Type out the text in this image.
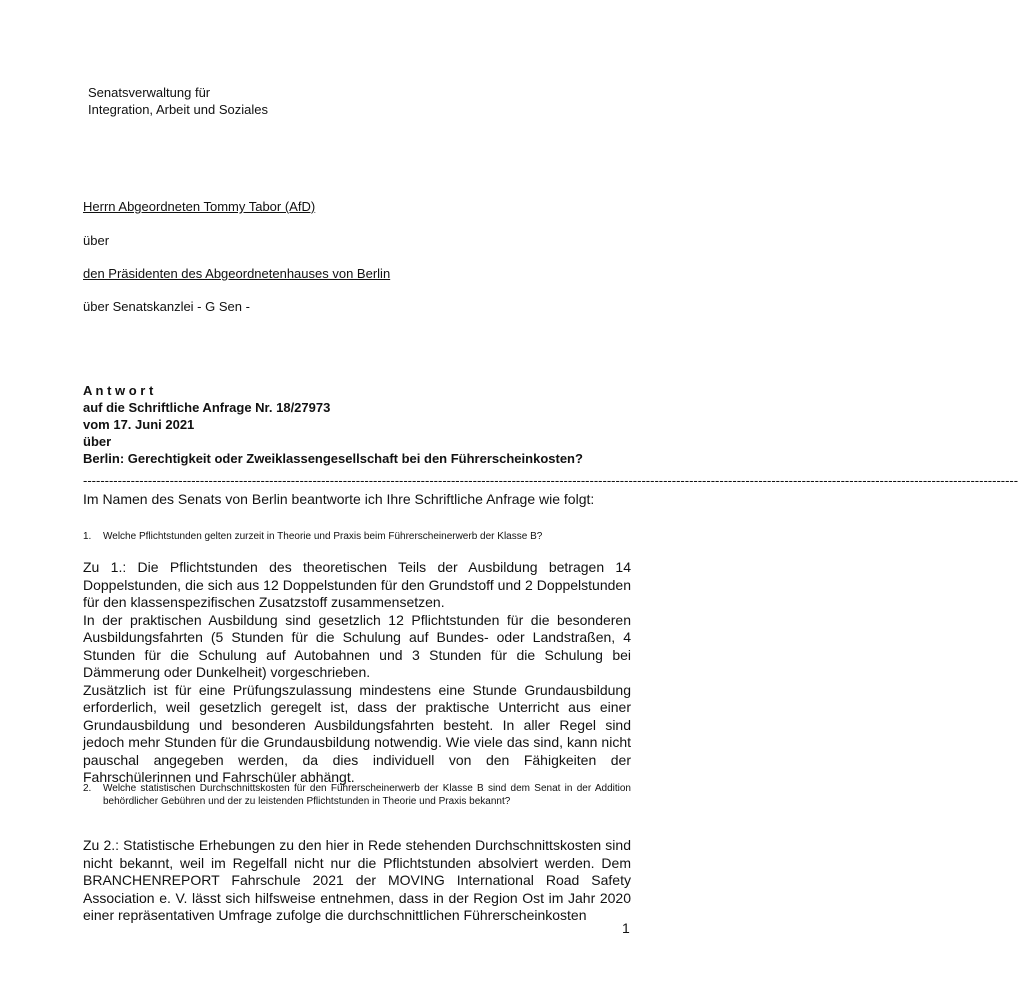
Senatsverwaltung für
Integration, Arbeit und Soziales
Herrn Abgeordneten Tommy Tabor (AfD)
über
den Präsidenten des Abgeordnetenhauses von Berlin
über Senatskanzlei - G Sen -
A n t w o r t
auf die Schriftliche Anfrage Nr. 18/27973
vom 17. Juni 2021
über
Berlin: Gerechtigkeit oder Zweiklassengesellschaft bei den Führerscheinkosten?
------------------------------------------------------------------------------------------------------------------------------------------------------------------------------------------------------------------------
Im Namen des Senats von Berlin beantworte ich Ihre Schriftliche Anfrage wie folgt:
1. Welche Pflichtstunden gelten zurzeit in Theorie und Praxis beim Führerscheinerwerb der Klasse B?

Zu 1.: Die Pflichtstunden des theoretischen Teils der Ausbildung betragen 14 Doppelstunden, die sich aus 12 Doppelstunden für den Grundstoff und 2 Doppelstunden für den klassenspezifischen Zusatzstoff zusammensetzen.

In der praktischen Ausbildung sind gesetzlich 12 Pflichtstunden für die besonderen Ausbildungsfahrten (5 Stunden für die Schulung auf Bundes- oder Landstraßen, 4 Stunden für die Schulung auf Autobahnen und 3 Stunden für die Schulung bei Dämmerung oder Dunkelheit) vorgeschrieben.

Zusätzlich ist für eine Prüfungszulassung mindestens eine Stunde Grundausbildung erforderlich, weil gesetzlich geregelt ist, dass der praktische Unterricht aus einer Grundausbildung und besonderen Ausbildungsfahrten besteht. In aller Regel sind jedoch mehr Stunden für die Grundausbildung notwendig. Wie viele das sind, kann nicht pauschal angegeben werden, da dies individuell von den Fähigkeiten der Fahrschülerinnen und Fahrschüler abhängt.

2. Welche statistischen Durchschnittskosten für den Führerscheinerwerb der Klasse B sind dem Senat in der Addition behördlicher Gebühren und der zu leistenden Pflichtstunden in Theorie und Praxis bekannt?

Zu 2.: Statistische Erhebungen zu den hier in Rede stehenden Durchschnittskosten sind nicht bekannt, weil im Regelfall nicht nur die Pflichtstunden absolviert werden. Dem BRANCHENREPORT Fahrschule 2021 der MOVING International Road Safety Association e. V. lässt sich hilfsweise entnehmen, dass in der Region Ost im Jahr 2020 einer repräsentativen Umfrage zufolge die durchschnittlichen Führerscheinkosten

1
